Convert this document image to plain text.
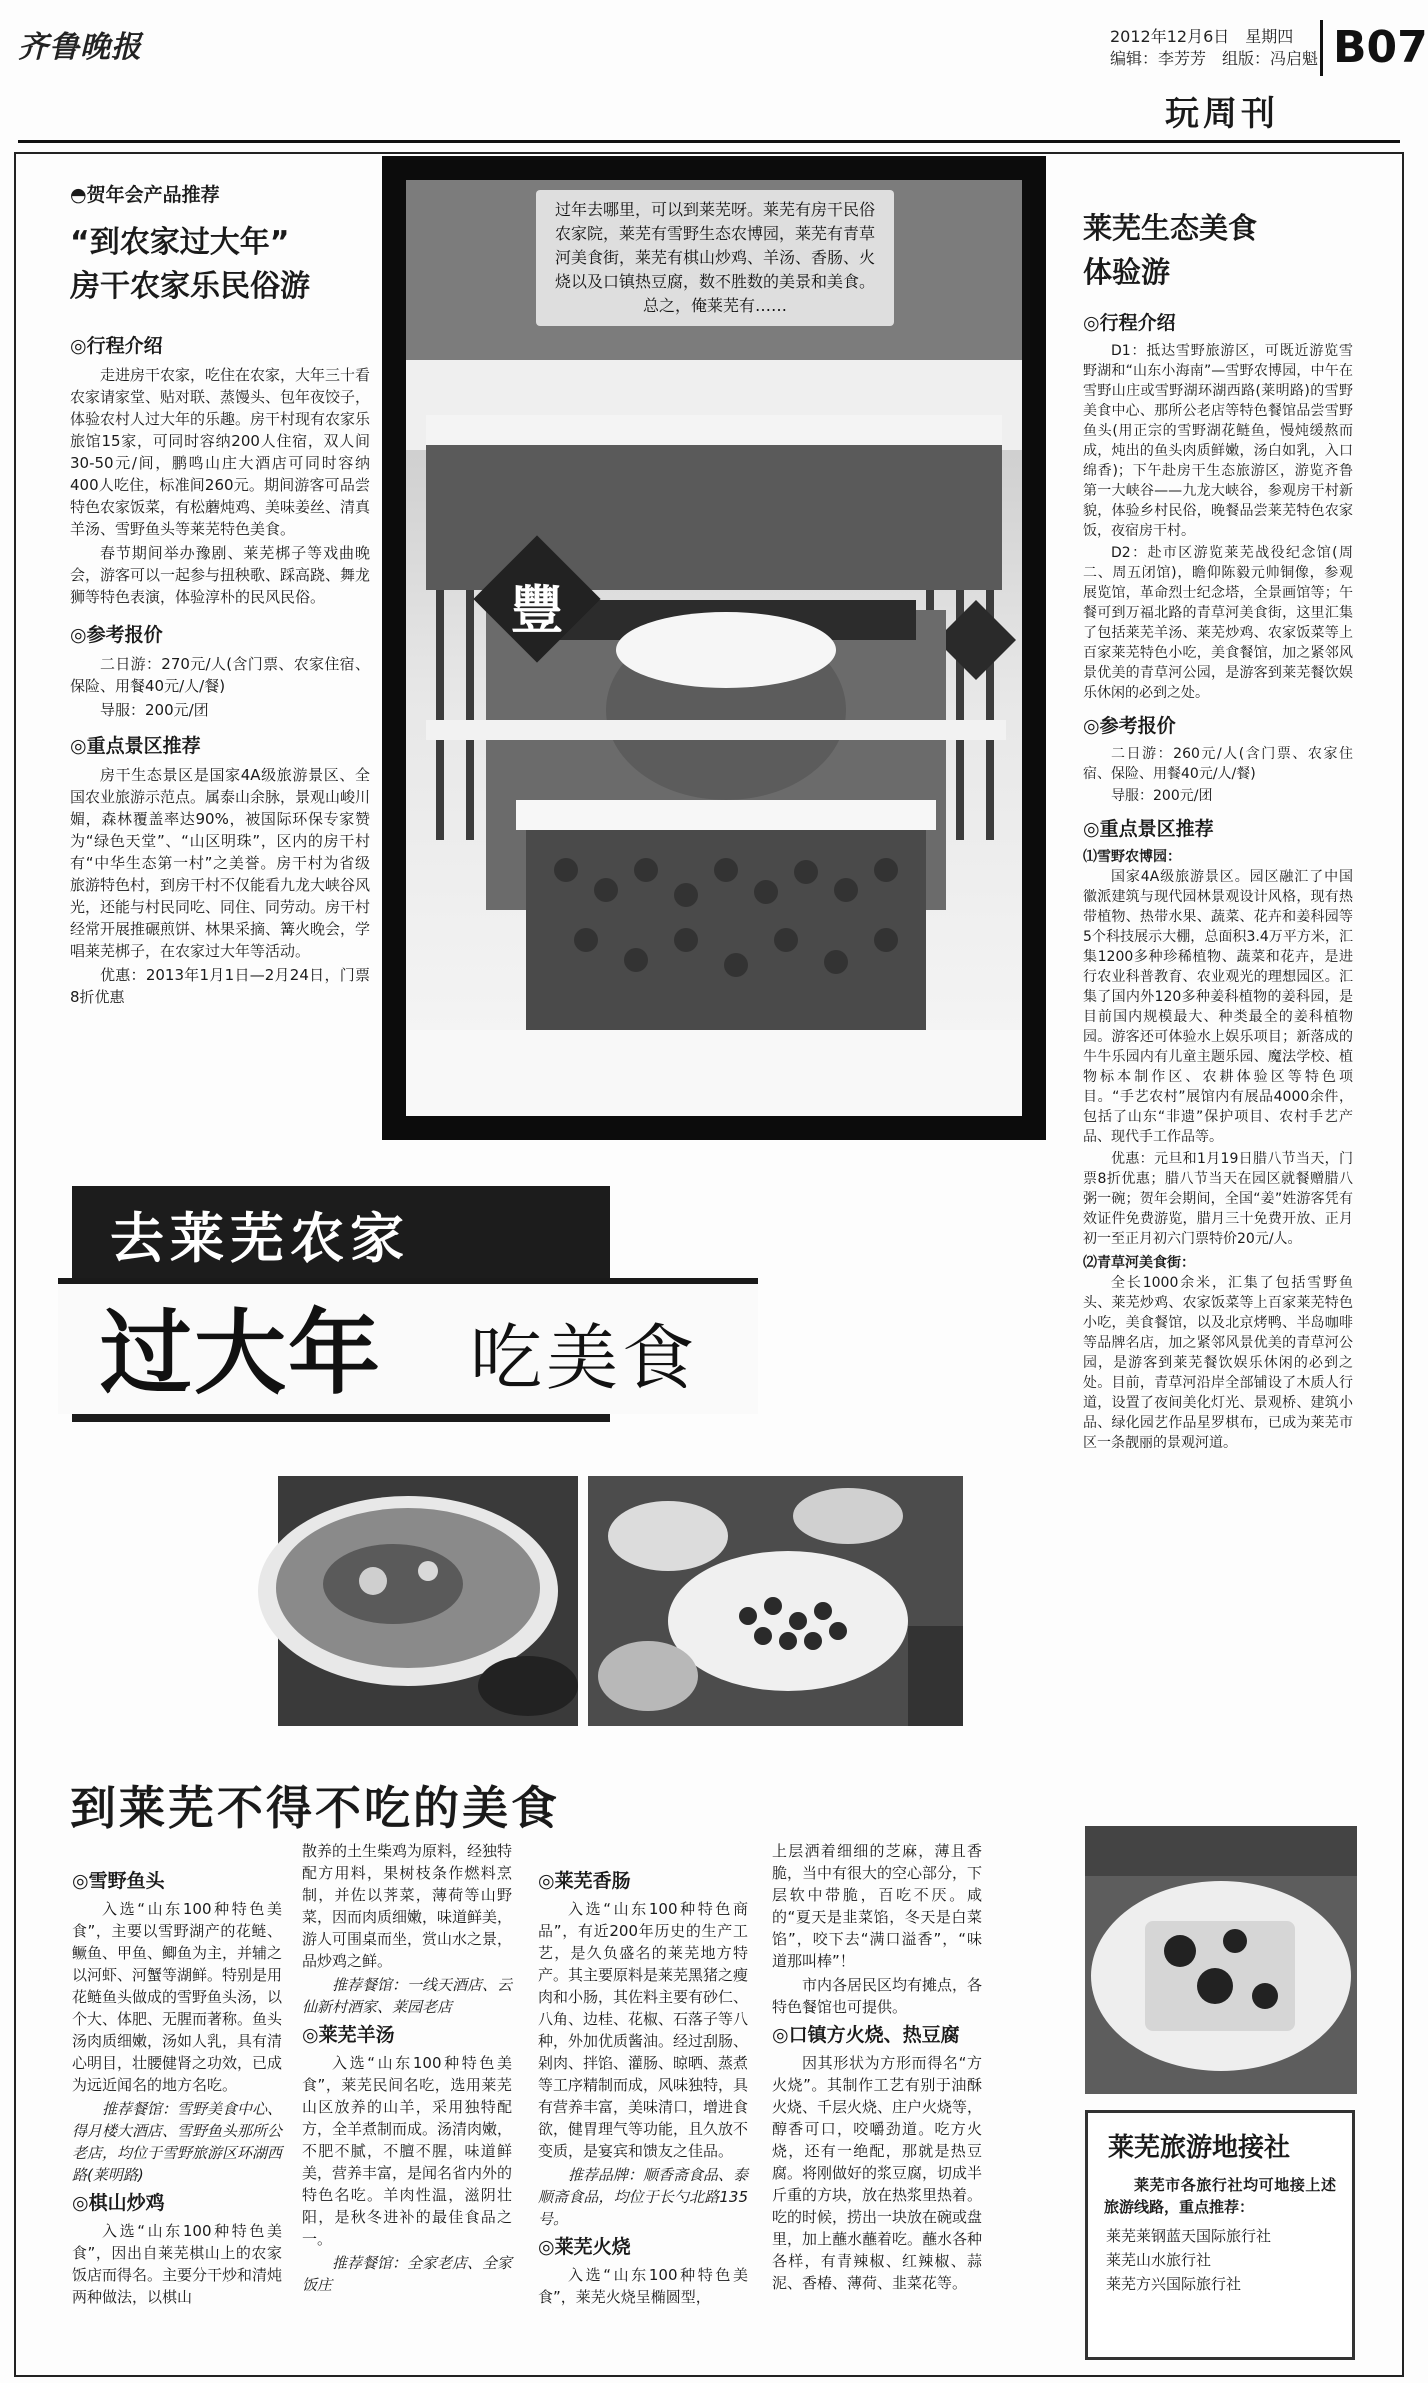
齐鲁晚报	2012年12月6日　星期四
编辑：李芳芳　组版：冯启魁 B07
玩周刊
◓贺年会产品推荐
“到农家过大年”
房干农家乐民俗游
◎行程介绍

走进房干农家，吃住在农家，大年三十看农家请家堂、贴对联、蒸馒头、包年夜饺子，体验农村人过大年的乐趣。房干村现有农家乐旅馆15家，可同时容纳200人住宿，双人间30-50元/间，鹏鸣山庄大酒店可同时容纳400人吃住，标准间260元。期间游客可品尝特色农家饭菜，有松蘑炖鸡、美味姜丝、清真羊汤、雪野鱼头等莱芜特色美食。

春节期间举办豫剧、莱芜梆子等戏曲晚会，游客可以一起参与扭秧歌、踩高跷、舞龙狮等特色表演，体验淳朴的民风民俗。

◎参考报价

二日游：270元/人(含门票、农家住宿、保险、用餐40元/人/餐)

导服：200元/团

◎重点景区推荐

房干生态景区是国家4A级旅游景区、全国农业旅游示范点。属泰山余脉，景观山峻川媚，森林覆盖率达90%，被国际环保专家赞为“绿色天堂”、“山区明珠”，区内的房干村有“中华生态第一村”之美誉。房干村为省级旅游特色村，到房干村不仅能看九龙大峡谷风光，还能与村民同吃、同住、同劳动。房干村经常开展推碾煎饼、林果采摘、篝火晚会，学唱莱芜梆子，在农家过大年等活动。

优惠：2013年1月1日—2月24日，门票8折优惠

豐
过年去哪里，可以到莱芜呀。莱芜有房干民俗农家院，莱芜有雪野生态农博园，莱芜有青草河美食街，莱芜有棋山炒鸡、羊汤、香肠、火烧以及口镇热豆腐，数不胜数的美景和美食。总之，俺莱芜有……
去莱芜农家
过大年 吃美食
莱芜生态美食
体验游
◎行程介绍

D1：抵达雪野旅游区，可既近游览雪野湖和“山东小海南”—雪野农博园，中午在雪野山庄或雪野湖环湖西路(莱明路)的雪野美食中心、那所公老店等特色餐馆品尝雪野鱼头(用正宗的雪野湖花鲢鱼，慢炖缓熬而成，炖出的鱼头肉质鲜嫩，汤白如乳，入口绵香)；下午赴房干生态旅游区，游览齐鲁第一大峡谷——九龙大峡谷，参观房干村新貌，体验乡村民俗，晚餐品尝莱芜特色农家饭，夜宿房干村。

D2：赴市区游览莱芜战役纪念馆(周二、周五闭馆)，瞻仰陈毅元帅铜像，参观展览馆，革命烈士纪念塔，全景画馆等；午餐可到万福北路的青草河美食街，这里汇集了包括莱芜羊汤、莱芜炒鸡、农家饭菜等上百家莱芜特色小吃，美食餐馆，加之紧邻风景优美的青草河公园，是游客到莱芜餐饮娱乐休闲的必到之处。

◎参考报价

二日游：260元/人(含门票、农家住宿、保险、用餐40元/人/餐)

导服：200元/团

◎重点景区推荐
⑴雪野农博园：

国家4A级旅游景区。园区融汇了中国徽派建筑与现代园林景观设计风格，现有热带植物、热带水果、蔬菜、花卉和姜科园等5个科技展示大棚，总面积3.4万平方米，汇集1200多种珍稀植物、蔬菜和花卉，是进行农业科普教育、农业观光的理想园区。汇集了国内外120多种姜科植物的姜科园，是目前国内规模最大、种类最全的姜科植物园。游客还可体验水上娱乐项目；新落成的牛牛乐园内有儿童主题乐园、魔法学校、植物标本制作区、农耕体验区等特色项目。“手艺农村”展馆内有展品4000余件，包括了山东“非遗”保护项目、农村手艺产品、现代手工作品等。

优惠：元旦和1月19日腊八节当天，门票8折优惠；腊八节当天在园区就餐赠腊八粥一碗；贺年会期间，全国“姜”姓游客凭有效证件免费游览，腊月三十免费开放、正月初一至正月初六门票特价20元/人。

⑵青草河美食街：

全长1000余米，汇集了包括雪野鱼头、莱芜炒鸡、农家饭菜等上百家莱芜特色小吃，美食餐馆，以及北京烤鸭、半岛咖啡等品牌名店，加之紧邻风景优美的青草河公园，是游客到莱芜餐饮娱乐休闲的必到之处。目前，青草河沿岸全部铺设了木质人行道，设置了夜间美化灯光、景观桥、建筑小品、绿化园艺作品星罗棋布，已成为莱芜市区一条靓丽的景观河道。

莱芜旅游地接社

莱芜市各旅行社均可地接上述旅游线路，重点推荐：

莱芜莱钢蓝天国际旅行社
莱芜山水旅行社
莱芜方兴国际旅行社
到莱芜不得不吃的美食
◎雪野鱼头

入选“山东100种特色美食”，主要以雪野湖产的花鲢、鳜鱼、甲鱼、鲫鱼为主，并辅之以河虾、河蟹等湖鲜。特别是用花鲢鱼头做成的雪野鱼头汤，以个大、体肥、无腥而著称。鱼头汤肉质细嫩，汤如人乳，具有清心明目，壮腰健肾之功效，已成为远近闻名的地方名吃。

推荐餐馆：雪野美食中心、得月楼大酒店、雪野鱼头那所公老店，均位于雪野旅游区环湖西路(莱明路)

◎棋山炒鸡

入选“山东100种特色美食”，因出自莱芜棋山上的农家饭店而得名。主要分干炒和清炖两种做法，以棋山

散养的土生柴鸡为原料，经独特配方用料，果树枝条作燃料烹制，并佐以荠菜，薄荷等山野菜，因而肉质细嫩，味道鲜美，游人可围桌而坐，赏山水之景，品炒鸡之鲜。

推荐餐馆：一线天酒店、云仙新村酒家、莱园老店

◎莱芜羊汤

入选“山东100种特色美食”，莱芜民间名吃，选用莱芜山区放养的山羊，采用独特配方，全羊煮制而成。汤清肉嫩，不肥不腻，不膻不腥，味道鲜美，营养丰富，是闻名省内外的特色名吃。羊肉性温，滋阴壮阳，是秋冬进补的最佳食品之一。

推荐餐馆：全家老店、全家饭庄

◎莱芜香肠

入选“山东100种特色商品”，有近200年历史的生产工艺，是久负盛名的莱芜地方特产。其主要原料是莱芜黑猪之瘦肉和小肠，其佐料主要有砂仁、八角、边桂、花椒、石落子等八种，外加优质酱油。经过刮肠、剁肉、拌馅、灌肠、晾晒、蒸煮等工序精制而成，风味独特，具有营养丰富，美味清口，增进食欲，健胃理气等功能，且久放不变质，是宴宾和馈友之佳品。

推荐品牌：顺香斋食品、泰顺斋食品，均位于长勺北路135号。

◎莱芜火烧

入选“山东100种特色美食”，莱芜火烧呈椭圆型，

上层洒着细细的芝麻，薄且香脆，当中有很大的空心部分，下层软中带脆，百吃不厌。咸的“夏天是韭菜馅，冬天是白菜馅”，咬下去“满口溢香”，“味道那叫棒”！

市内各居民区均有摊点，各特色餐馆也可提供。

◎口镇方火烧、热豆腐

因其形状为方形而得名“方火烧”。其制作工艺有别于油酥火烧、千层火烧、庄户火烧等，醇香可口，咬嚼劲道。吃方火烧，还有一绝配，那就是热豆腐。将刚做好的浆豆腐，切成半斤重的方块，放在热浆里热着。吃的时候，捞出一块放在碗或盘里，加上蘸水蘸着吃。蘸水各种各样，有青辣椒、红辣椒、蒜泥、香椿、薄荷、韭菜花等。
